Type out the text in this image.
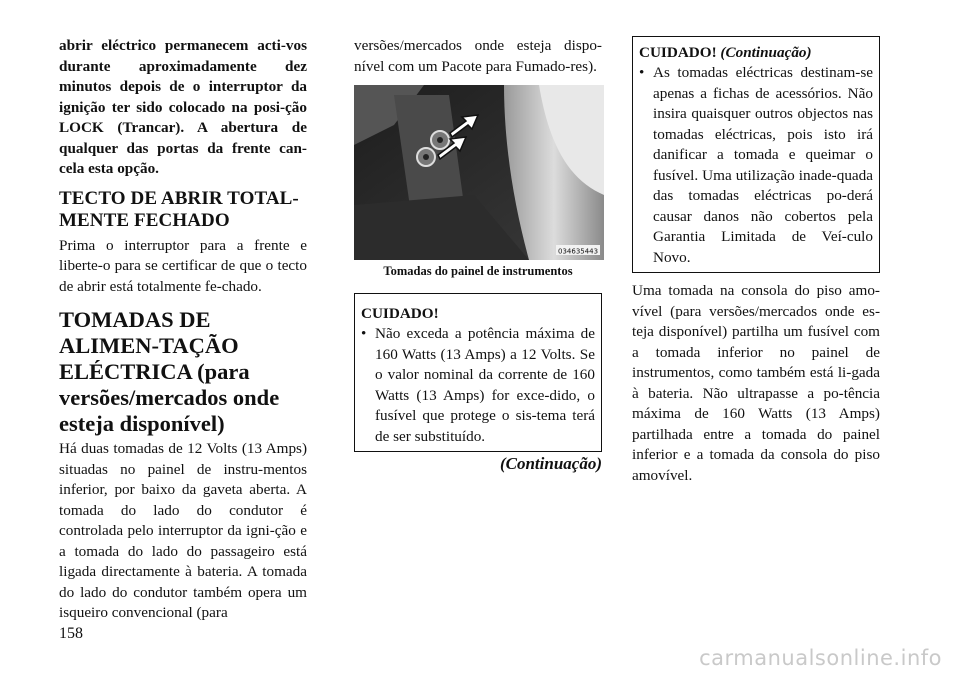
abrir eléctrico permanecem acti-vos durante aproximadamente dez minutos depois de o interruptor da ignição ter sido colocado na posi-ção LOCK (Trancar). A abertura de qualquer das portas da frente can-cela esta opção.

TECTO DE ABRIR TOTAL-MENTE FECHADO

Prima o interruptor para a frente e liberte-o para se certificar de que o tecto de abrir está totalmente fe-chado.

TOMADAS DE ALIMEN-TAÇÃO ELÉCTRICA (para versões/mercados onde esteja disponível)

Há duas tomadas de 12 Volts (13 Amps) situadas no painel de instru-mentos inferior, por baixo da gaveta aberta. A tomada do lado do condutor é controlada pelo interruptor da igni-ção e a tomada do lado do passageiro está ligada directamente à bateria. A tomada do lado do condutor também opera um isqueiro convencional (para

versões/mercados onde esteja dispo-nível com um Pacote para Fumado-res).

034635443

Tomadas do painel de instrumentos

CUIDADO!
• Não exceda a potência máxima de 160 Watts (13 Amps) a 12 Volts. Se o valor nominal da corrente de 160 Watts (13 Amps) for exce-dido, o fusível que protege o sis-tema terá de ser substituído.
(Continuação)
CUIDADO! (Continuação)
• As tomadas eléctricas destinam-se apenas a fichas de acessórios. Não insira quaisquer outros objectos nas tomadas eléctricas, pois isto irá danificar a tomada e queimar o fusível. Uma utilização inade-quada das tomadas eléctricas po-derá causar danos não cobertos pela Garantia Limitada de Veí-culo Novo.

Uma tomada na consola do piso amo-vível (para versões/mercados onde es-teja disponível) partilha um fusível com a tomada inferior no painel de instrumentos, como também está li-gada à bateria. Não ultrapasse a po-tência máxima de 160 Watts (13 Amps) partilhada entre a tomada do painel inferior e a tomada da consola do piso amovível.

158
carmanualsonline.info
